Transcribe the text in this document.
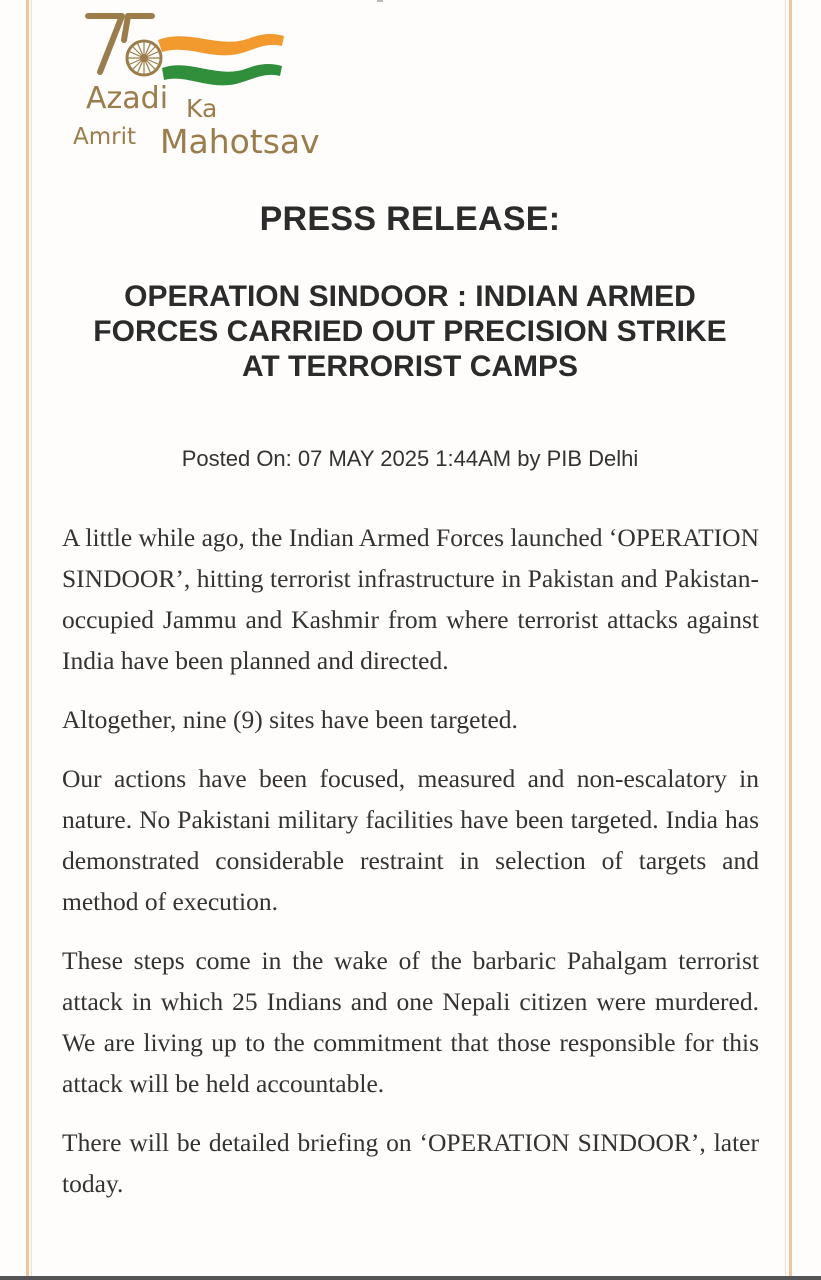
Azadi Ka
Amrit Mahotsav
PRESS RELEASE:
OPERATION SINDOOR : INDIAN ARMED FORCES CARRIED OUT PRECISION STRIKE AT TERRORIST CAMPS
Posted On: 07 MAY 2025 1:44AM by PIB Delhi

A little while ago, the Indian Armed Forces launched ‘OPERATION SINDOOR’, hitting terrorist infrastructure in Pakistan and Pakistan-occupied Jammu and Kashmir from where terrorist attacks against India have been planned and directed.

Altogether, nine (9) sites have been targeted.

Our actions have been focused, measured and non-escalatory in nature. No Pakistani military facilities have been targeted. India has demonstrated considerable restraint in selection of targets and method of execution.

These steps come in the wake of the barbaric Pahalgam terrorist attack in which 25 Indians and one Nepali citizen were murdered. We are living up to the commitment that those responsible for this attack will be held accountable.

There will be detailed briefing on ‘OPERATION SINDOOR’, later today.
